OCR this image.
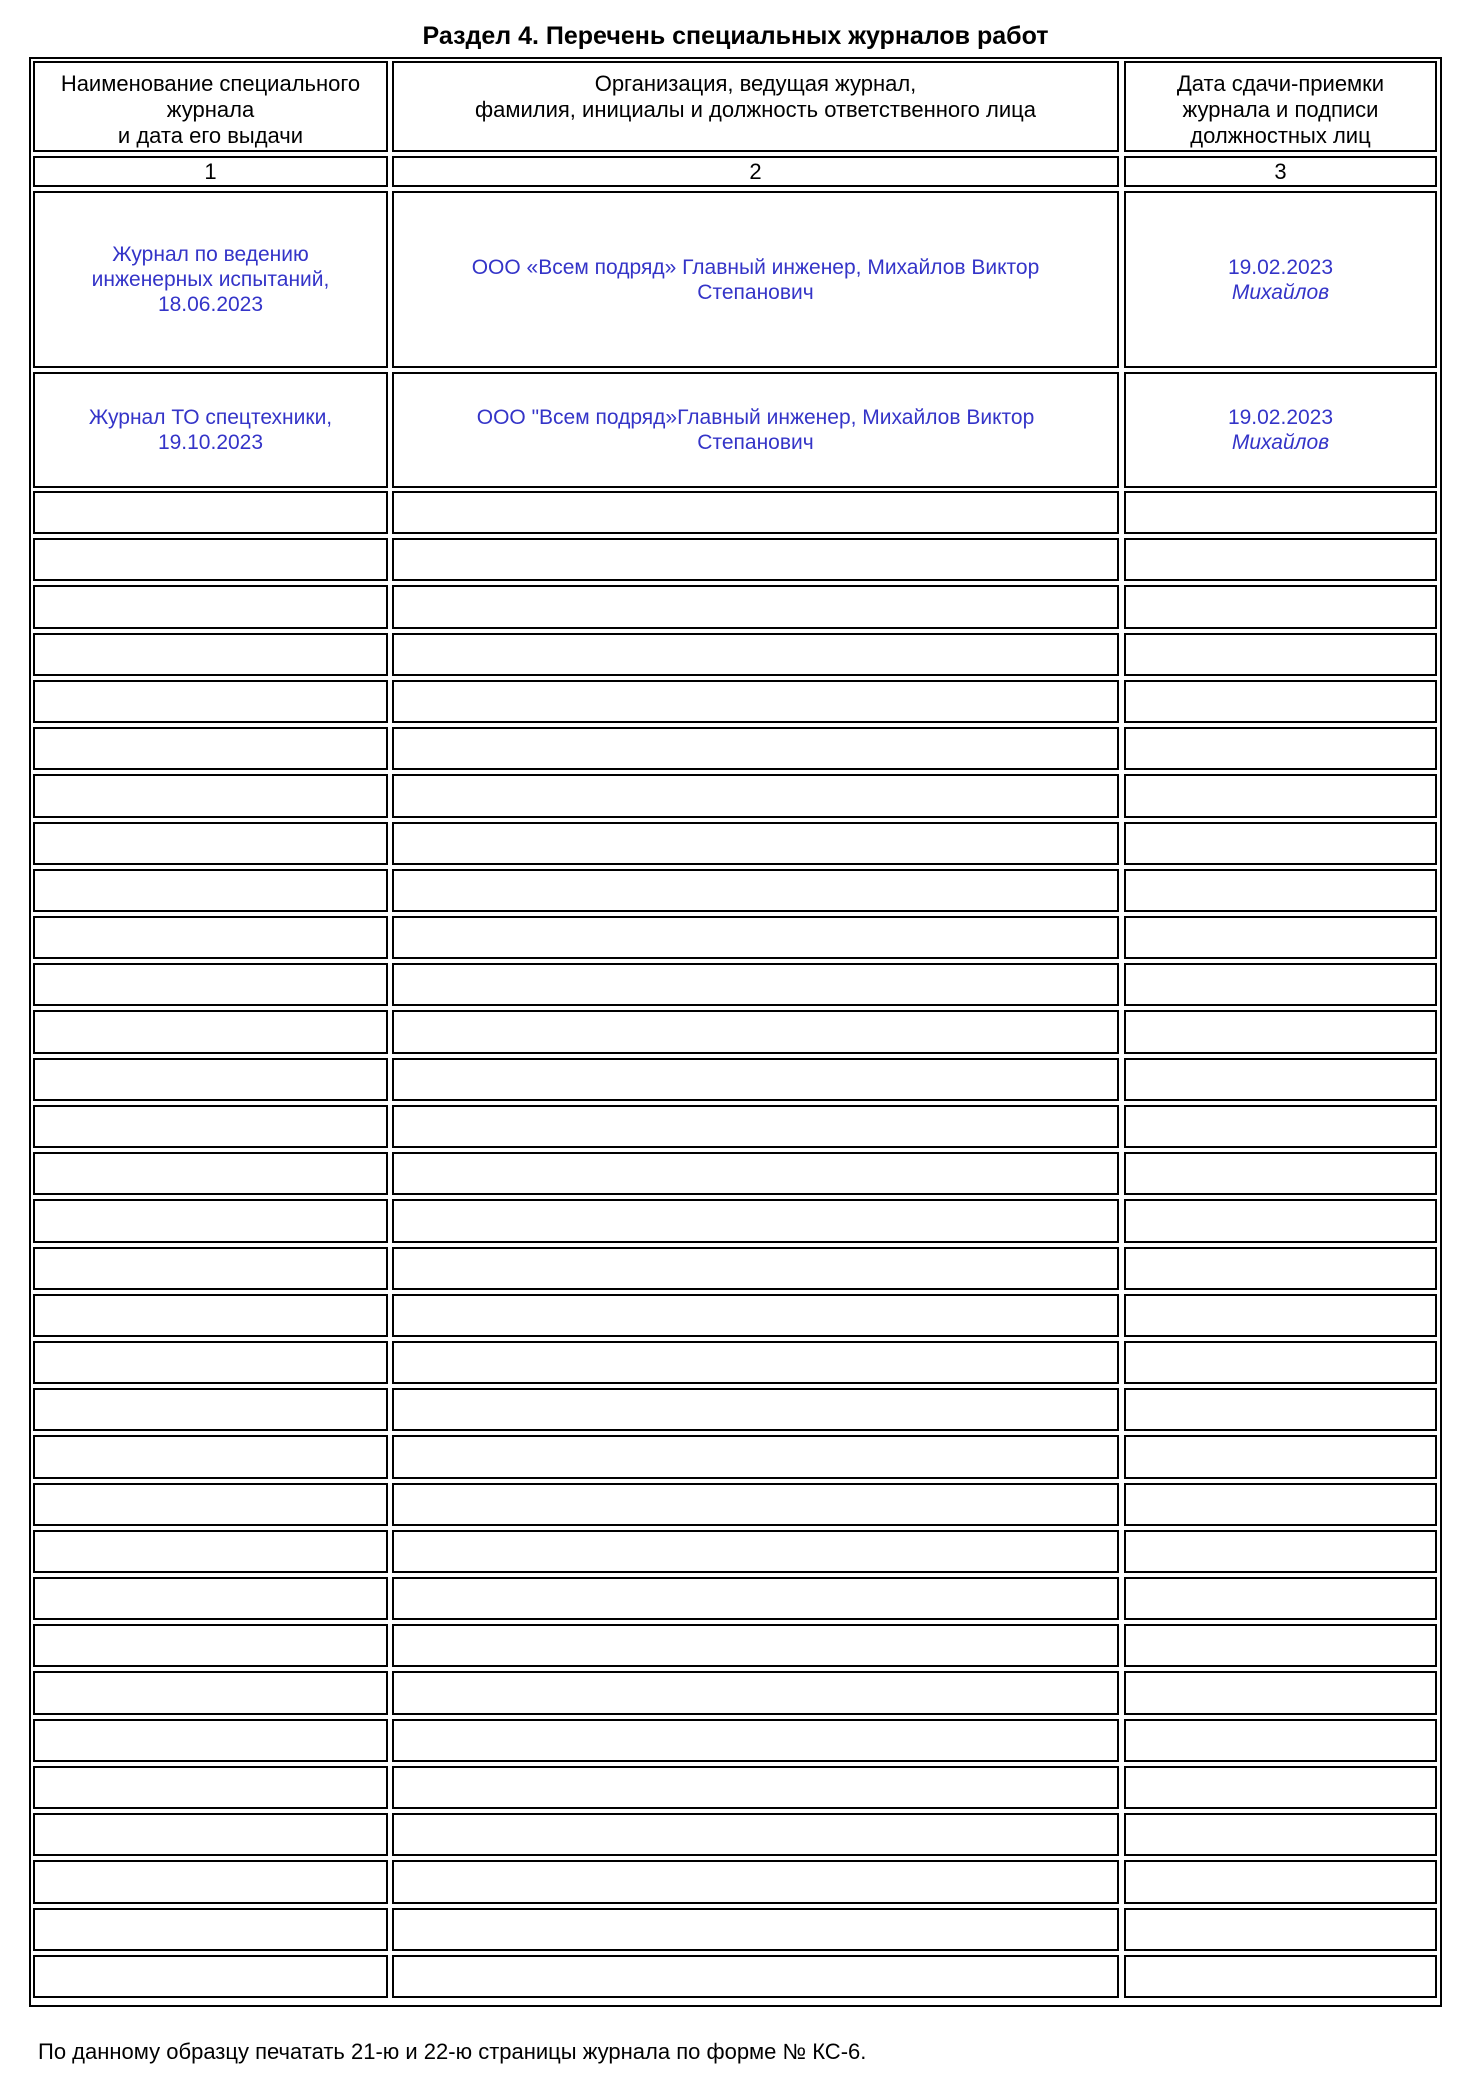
Раздел 4. Перечень специальных журналов работ
Наименование специального
журнала
и дата его выдачи
Организация, ведущая журнал,
фамилия, инициалы и должность ответственного лица
Дата сдачи-приемки
журнала и подписи
должностных лиц
1	2	3
Журнал по ведению
инженерных испытаний,
18.06.2023
ООО «Всем подряд» Главный инженер, Михайлов Виктор
Степанович
19.02.2023
Михайлов
Журнал ТО спецтехники,
19.10.2023
ООО "Всем подряд»Главный инженер, Михайлов Виктор
Степанович
19.02.2023
Михайлов
По данному образцу печатать 21-ю и 22-ю страницы журнала по форме № КС-6.
